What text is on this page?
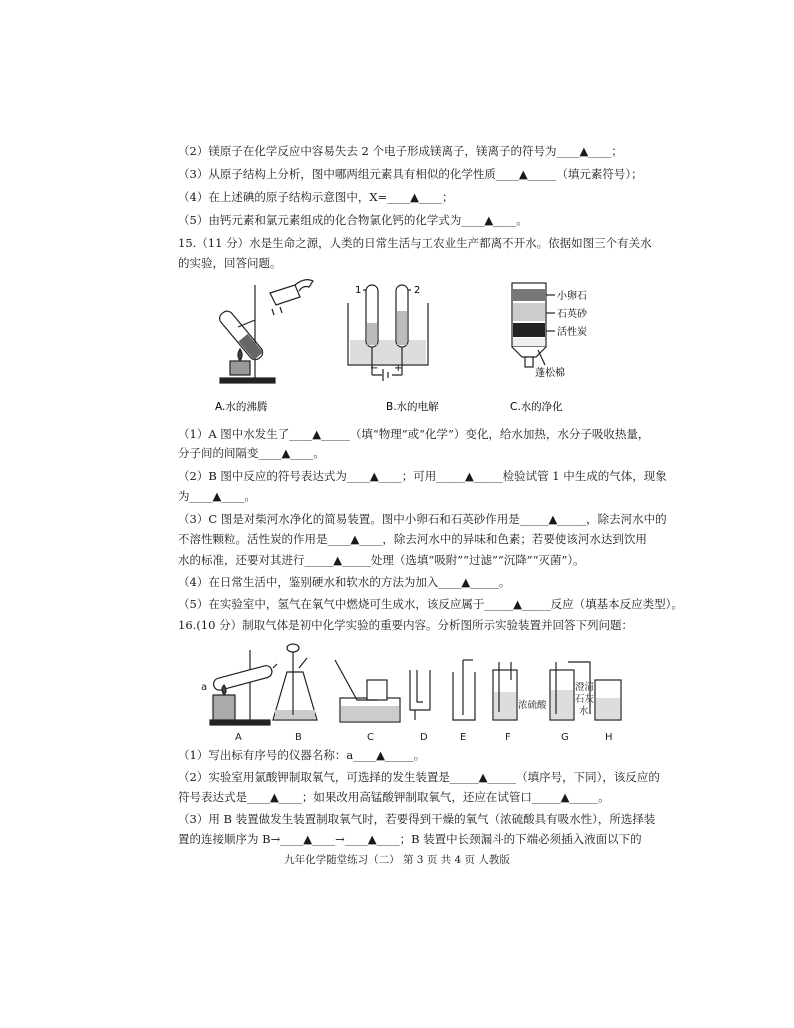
（2）镁原子在化学反应中容易失去 2 个电子形成镁离子，镁离子的符号为____▲____；
（3）从原子结构上分析，图中哪两组元素具有相似的化学性质____▲_____（填元素符号）；
（4）在上述碘的原子结构示意图中，X=____▲____；
（5）由钙元素和氯元素组成的化合物氯化钙的化学式为____▲____。
15.（11 分）水是生命之源，人类的日常生活与工农业生产都离不开水。依据如图三个有关水
的实验，回答问题。
1	2
− +
小卵石
石英砂
活性炭
蓬松棉
A.水的沸腾	B.水的电解	C.水的净化
（1）A 图中水发生了____▲_____（填“物理”或“化学”）变化，给水加热，水分子吸收热量，
分子间的间隔变____▲____。
（2）B 图中反应的符号表达式为____▲____；可用_____▲_____检验试管 1 中生成的气体，现象
为____▲____。
（3）C 图是对柴河水净化的简易装置。图中小卵石和石英砂作用是_____▲_____，除去河水中的
不溶性颗粒。活性炭的作用是____▲____，除去河水中的异味和色素；若要使该河水达到饮用
水的标准，还要对其进行_____▲_____处理（选填“吸附”“过滤”“沉降”“灭菌”）。
（4）在日常生活中，鉴别硬水和软水的方法为加入____▲_____。
（5）在实验室中，氢气在氧气中燃烧可生成水，该反应属于_____▲_____反应（填基本反应类型）。
16.(10 分）制取气体是初中化学实验的重要内容。分析图所示实验装置并回答下列问题：
a
浓硫酸
澄清
石灰
水
A	B	C	D	E	F	G	H
（1）写出标有序号的仪器名称：a____▲_____。
（2）实验室用氯酸钾制取氧气，可选择的发生装置是_____▲_____（填序号，下同），该反应的
符号表达式是____▲____；如果改用高锰酸钾制取氧气，还应在试管口_____▲_____。
（3）用 B 装置做发生装置制取氧气时，若要得到干燥的氧气（浓硫酸具有吸水性），所选择装
置的连接顺序为 B→____▲____→____▲____；B 装置中长颈漏斗的下端必须插入液面以下的
九年化学随堂练习（二） 第 3 页 共 4 页 人教版
